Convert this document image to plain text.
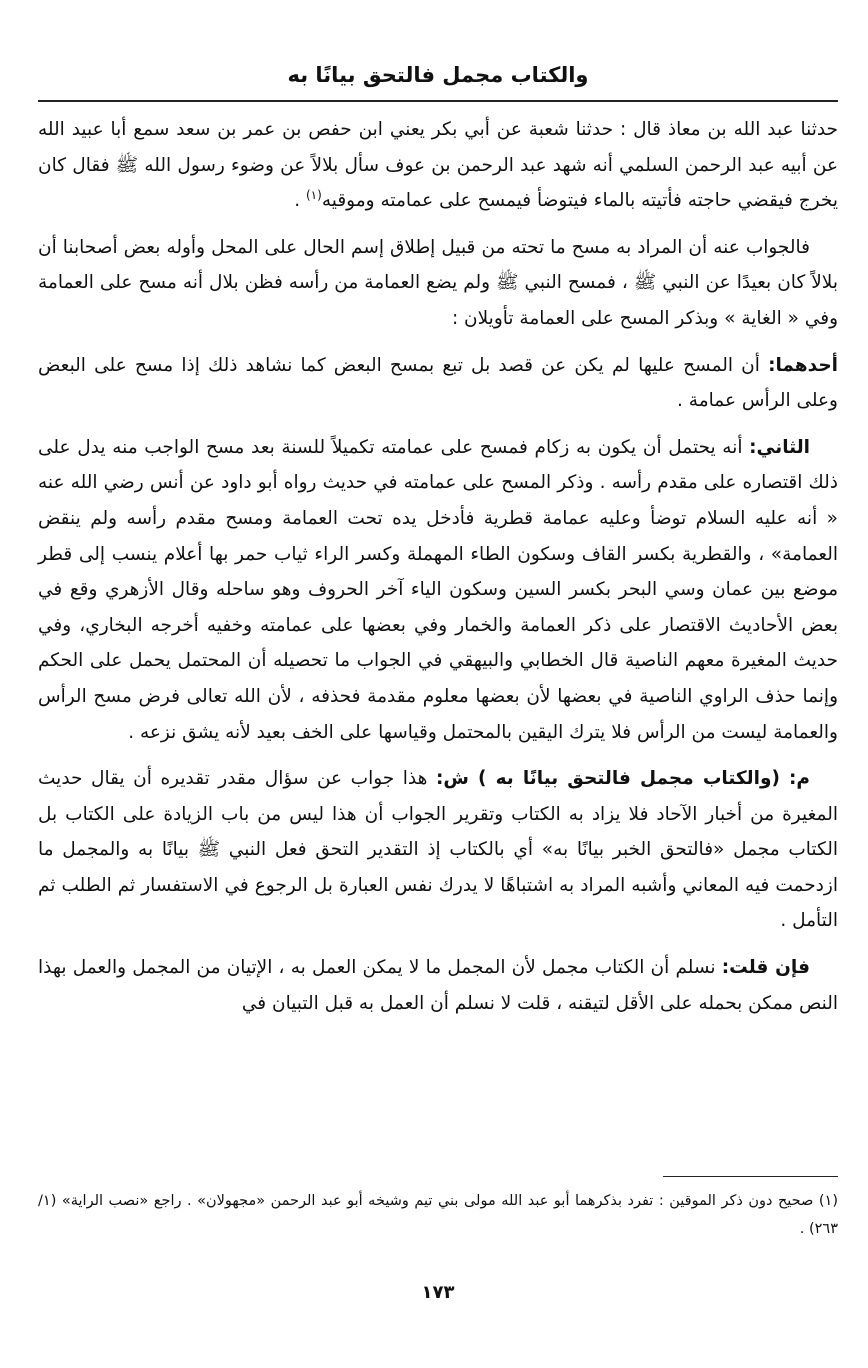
والكتاب مجمل فالتحق بيانًا به

حدثنا عبد الله بن معاذ قال : حدثنا شعبة عن أبي بكر يعني ابن حفص بن عمر بن سعد سمع أبا عبيد الله عن أبيه عبد الرحمن السلمي أنه شهد عبد الرحمن بن عوف سأل بلالاً عن وضوء رسول الله ﷺ فقال كان يخرج فيقضي حاجته فأتيته بالماء فيتوضأ فيمسح على عمامته وموقيه$^{(١)}$ .

فالجواب عنه أن المراد به مسح ما تحته من قبيل إطلاق إسم الحال على المحل وأوله بعض أصحابنا أن بلالاً كان بعيدًا عن النبي ﷺ ، فمسح النبي ﷺ ولم يضع العمامة من رأسه فظن بلال أنه مسح على العمامة وفي « الغاية » وبذكر المسح على العمامة تأويلان :

أحدهما: أن المسح عليها لم يكن عن قصد بل تبع بمسح البعض كما نشاهد ذلك إذا مسح على البعض وعلى الرأس عمامة .

الثاني: أنه يحتمل أن يكون به زكام فمسح على عمامته تكميلاً للسنة بعد مسح الواجب منه يدل على ذلك اقتصاره على مقدم رأسه . وذكر المسح على عمامته في حديث رواه أبو داود عن أنس رضي الله عنه « أنه عليه السلام توضأ وعليه عمامة قطرية فأدخل يده تحت العمامة ومسح مقدم رأسه ولم ينقض العمامة» ، والقطرية بكسر القاف وسكون الطاء المهملة وكسر الراء ثياب حمر بها أعلام ينسب إلى قطر موضع بين عمان وسي البحر بكسر السين وسكون الياء آخر الحروف وهو ساحله وقال الأزهري وقع في بعض الأحاديث الاقتصار على ذكر العمامة والخمار وفي بعضها على عمامته وخفيه أخرجه البخاري، وفي حديث المغيرة معهم الناصية قال الخطابي والبيهقي في الجواب ما تحصيله أن المحتمل يحمل على الحكم وإنما حذف الراوي الناصية في بعضها لأن بعضها معلوم مقدمة فحذفه ، لأن الله تعالى فرض مسح الرأس والعمامة ليست من الرأس فلا يترك اليقين بالمحتمل وقياسها على الخف بعيد لأنه يشق نزعه .

م: (والكتاب مجمل فالتحق بيانًا به ) ش: هذا جواب عن سؤال مقدر تقديره أن يقال حديث المغيرة من أخبار الآحاد فلا يزاد به الكتاب وتقرير الجواب أن هذا ليس من باب الزيادة على الكتاب بل الكتاب مجمل «فالتحق الخبر بيانًا به» أي بالكتاب إذ التقدير التحق فعل النبي ﷺ بيانًا به والمجمل ما ازدحمت فيه المعاني وأشبه المراد به اشتباهًا لا يدرك نفس العبارة بل الرجوع في الاستفسار ثم الطلب ثم التأمل .

فإن قلت: نسلم أن الكتاب مجمل لأن المجمل ما لا يمكن العمل به ، الإتيان من المجمل والعمل بهذا النص ممكن بحمله على الأقل لتيقنه ، قلت لا نسلم أن العمل به قبل التبيان في

(١) صحيح دون ذكر الموقين : تفرد بذكرهما أبو عبد الله مولى بني تيم وشيخه أبو عبد الرحمن «مجهولان» . راجع «نصب الراية» (١/ ٢٦٣) .

١٧٣
